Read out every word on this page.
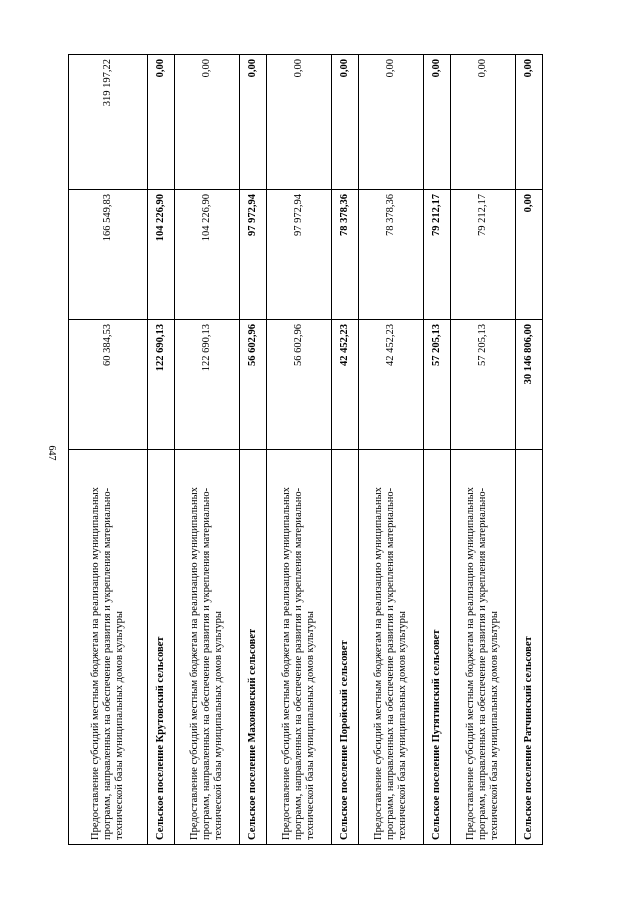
647
Предоставление субсидий местным бюджетам на реализацию муниципальных программ, направленных на обеспечение развития и укрепления материально-технической базы муниципальных домов культуры	60 384,53	166 549,83	319 197,22
Сельское поселение Крутовский сельсовет	122 690,13	104 226,90	0,00
Предоставление субсидий местным бюджетам на реализацию муниципальных программ, направленных на обеспечение развития и укрепления материально-технической базы муниципальных домов культуры	122 690,13	104 226,90	0,00
Сельское поселение Махоновский сельсовет	56 602,96	97 972,94	0,00
Предоставление субсидий местным бюджетам на реализацию муниципальных программ, направленных на обеспечение развития и укрепления материально-технической базы муниципальных домов культуры	56 602,96	97 972,94	0,00
Сельское поселение Поройский сельсовет	42 452,23	78 378,36	0,00
Предоставление субсидий местным бюджетам на реализацию муниципальных программ, направленных на обеспечение развития и укрепления материально-технической базы муниципальных домов культуры	42 452,23	78 378,36	0,00
Сельское поселение Путятинский сельсовет	57 205,13	79 212,17	0,00
Предоставление субсидий местным бюджетам на реализацию муниципальных программ, направленных на обеспечение развития и укрепления материально-технической базы муниципальных домов культуры	57 205,13	79 212,17	0,00
Сельское поселение Ратчинский сельсовет	30 146 806,00	0,00	0,00
